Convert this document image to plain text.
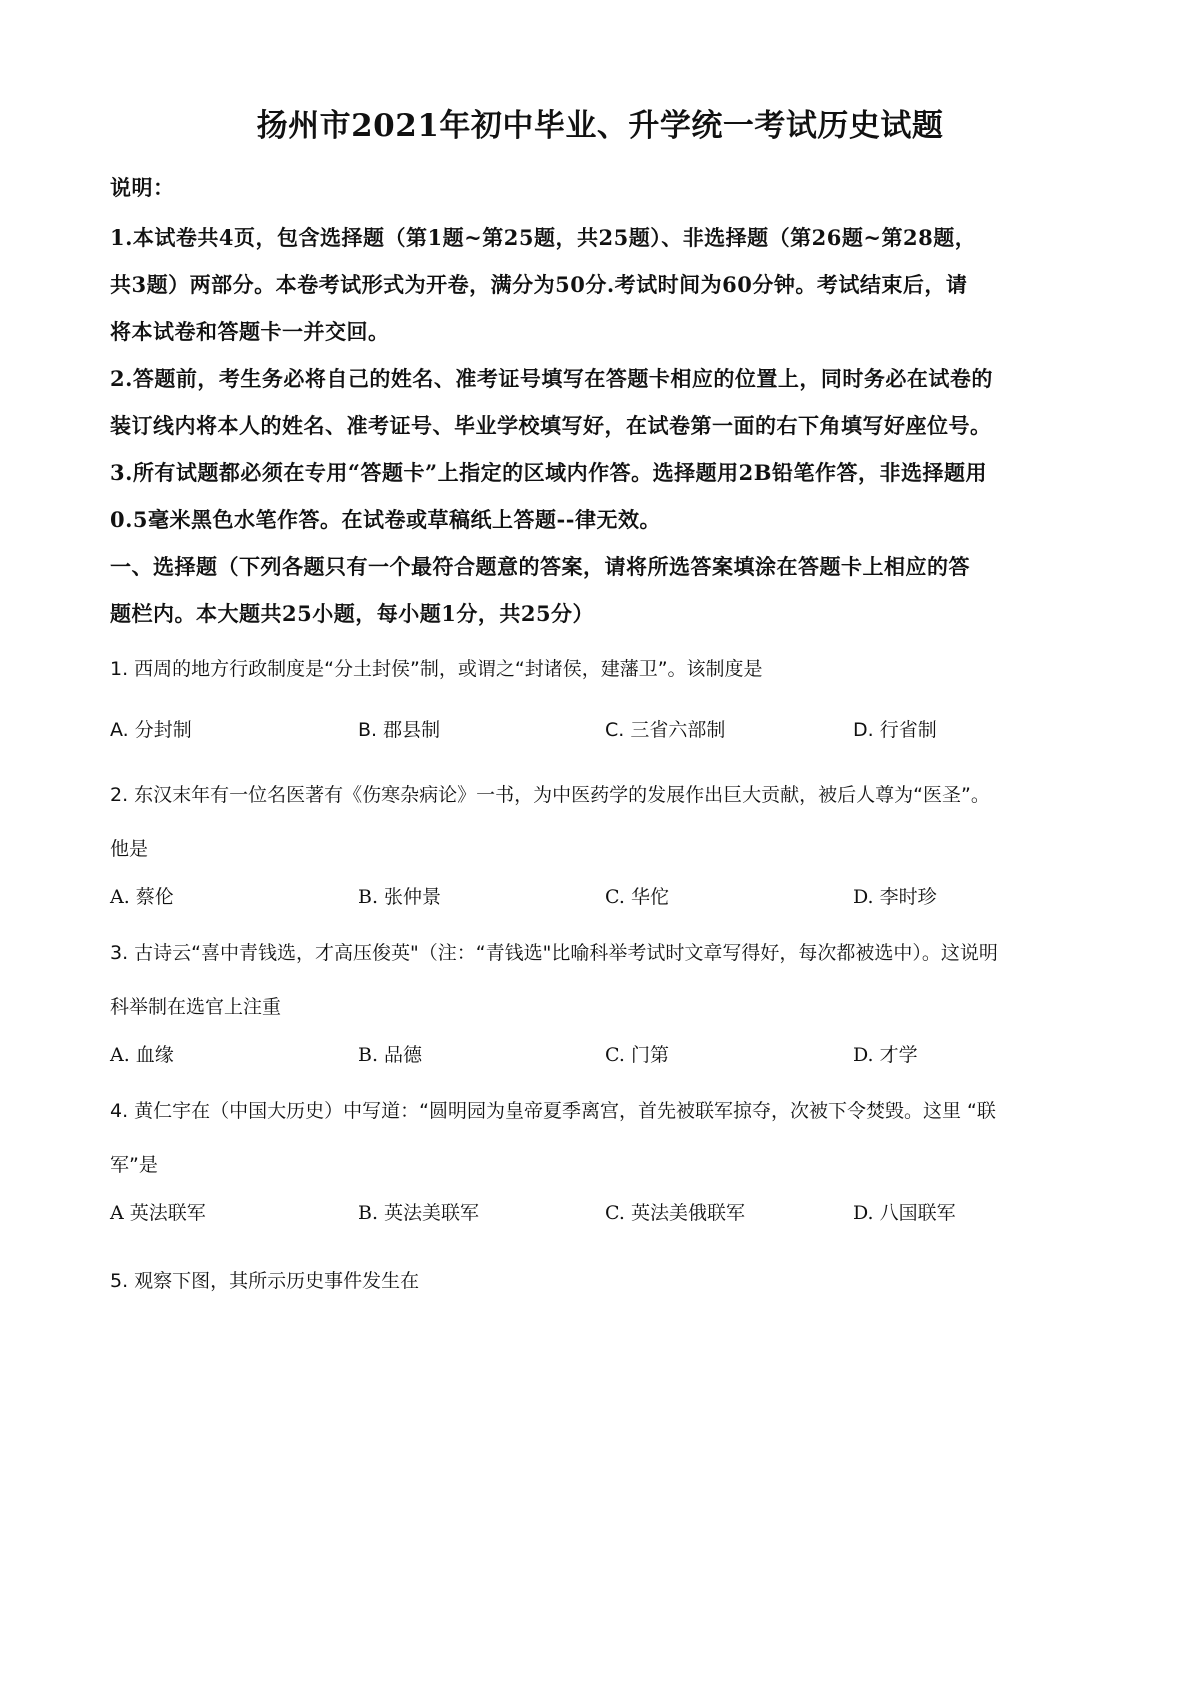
扬州市2021年初中毕业、升学统一考试历史试题
说明：
1.本试卷共4页，包含选择题（第1题~第25题，共25题）、非选择题（第26题~第28题，
共3题）两部分。本卷考试形式为开卷，满分为50分.考试时间为60分钟。考试结束后，请
将本试卷和答题卡一并交回。
2.答题前，考生务必将自己的姓名、准考证号填写在答题卡相应的位置上，同时务必在试卷的
装订线内将本人的姓名、准考证号、毕业学校填写好，在试卷第一面的右下角填写好座位号。
3.所有试题都必须在专用“答题卡”上指定的区域内作答。选择题用2B铅笔作答，非选择题用
0.5毫米黑色水笔作答。在试卷或草稿纸上答题--律无效。
一、选择题（下列各题只有一个最符合题意的答案，请将所选答案填涂在答题卡上相应的答
题栏内。本大题共25小题，每小题1分，共25分）
1. 西周的地方行政制度是“分土封侯”制，或谓之“封诸侯，建藩卫”。该制度是
A. 分封制	B. 郡县制	C. 三省六部制	D. 行省制
2. 东汉末年有一位名医著有《伤寒杂病论》一书，为中医药学的发展作出巨大贡献，被后人尊为“医圣”。
他是
A. 蔡伦	B. 张仲景	C. 华佗	D. 李时珍
3. 古诗云“喜中青钱选，才高压俊英"（注：“青钱选"比喻科举考试时文章写得好，每次都被选中）。这说明
科举制在选官上注重
A. 血缘	B. 品德	C. 门第	D. 才学
4. 黄仁宇在（中国大历史）中写道：“圆明园为皇帝夏季离宫，首先被联军掠夺，次被下令焚毁。这里 “联
军”是
A 英法联军	B. 英法美联军	C. 英法美俄联军	D. 八国联军
5. 观察下图，其所示历史事件发生在
